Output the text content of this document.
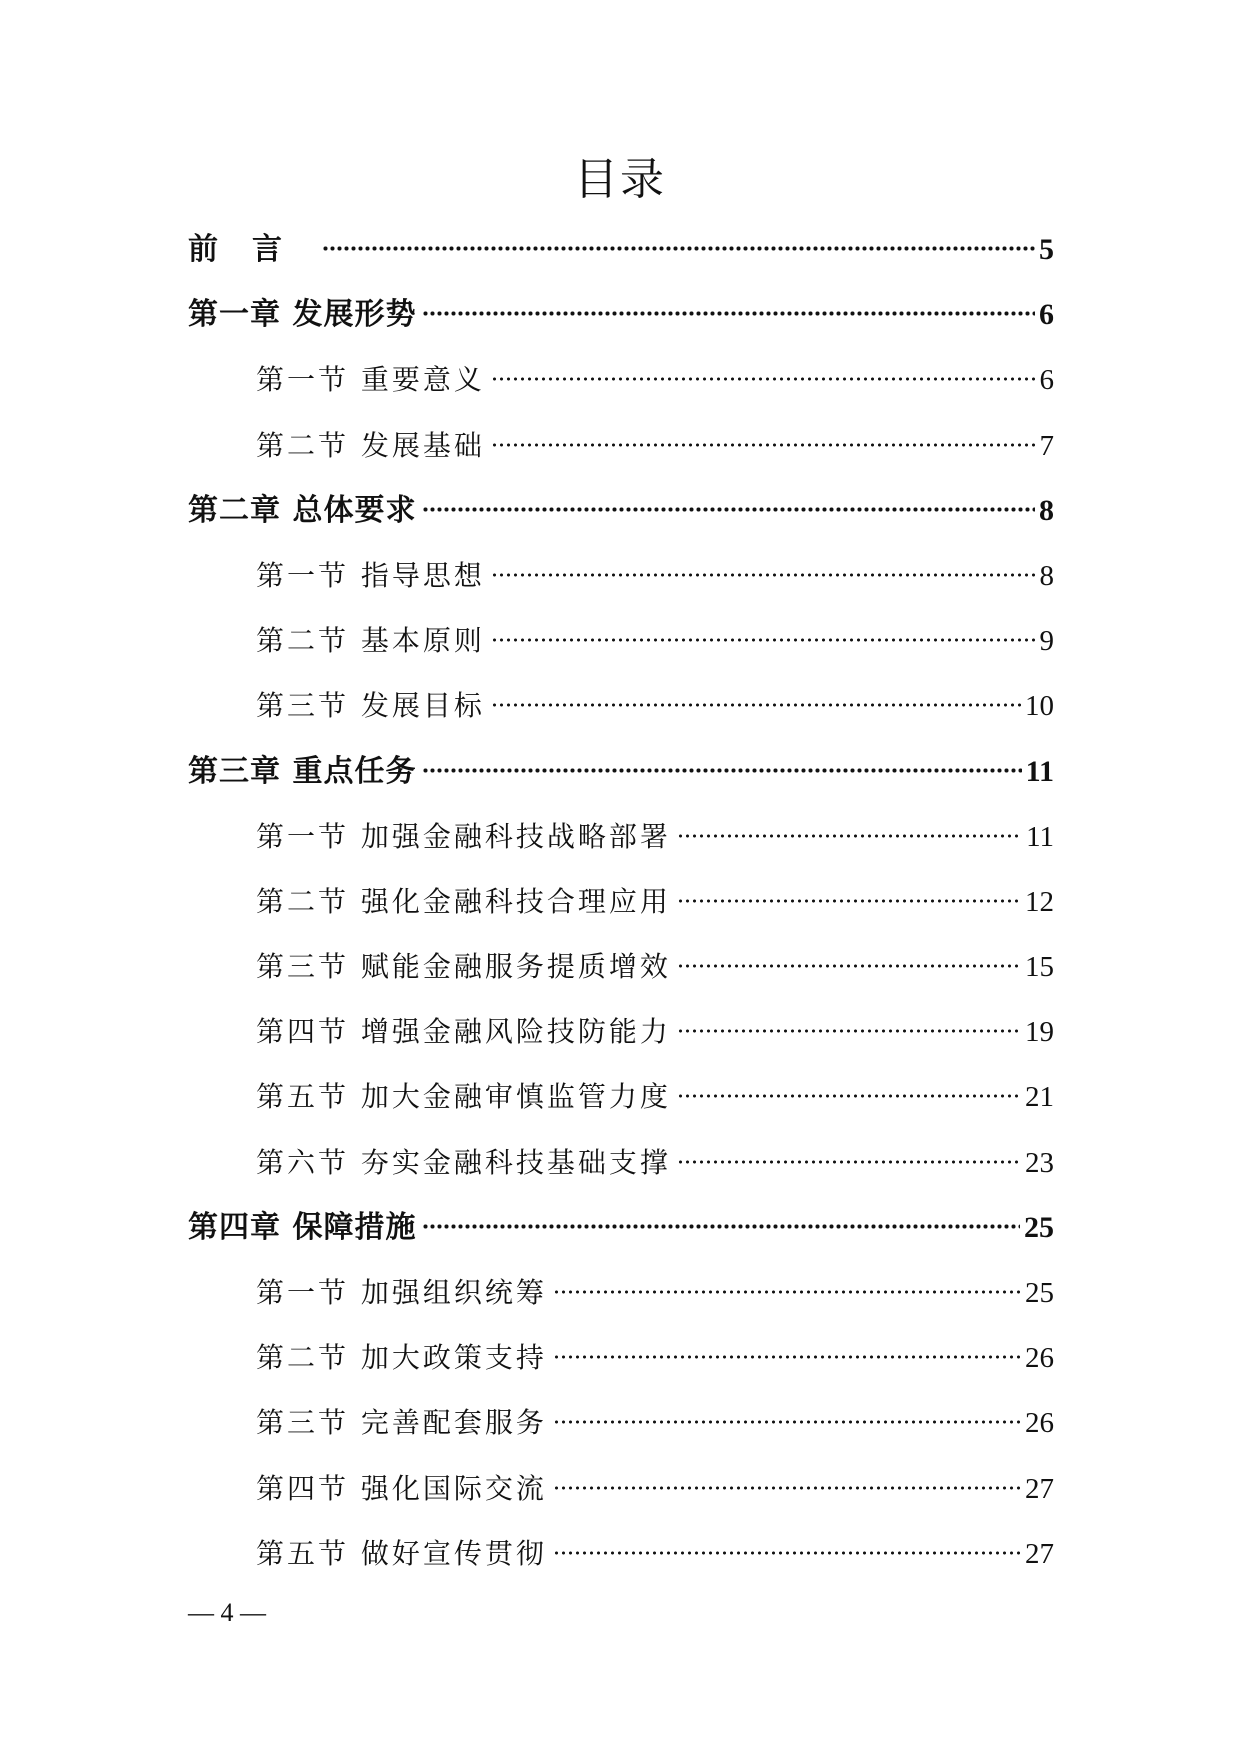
目录
前言	5
第一章 发展形势	6
第一节 重要意义	6
第二节 发展基础	7
第二章 总体要求	8
第一节 指导思想	8
第二节 基本原则	9
第三节 发展目标	10
第三章 重点任务	11
第一节 加强金融科技战略部署	11
第二节 强化金融科技合理应用	12
第三节 赋能金融服务提质增效	15
第四节 增强金融风险技防能力	19
第五节 加大金融审慎监管力度	21
第六节 夯实金融科技基础支撑	23
第四章 保障措施	25
第一节 加强组织统筹	25
第二节 加大政策支持	26
第三节 完善配套服务	26
第四节 强化国际交流	27
第五节 做好宣传贯彻	27
— 4 —
